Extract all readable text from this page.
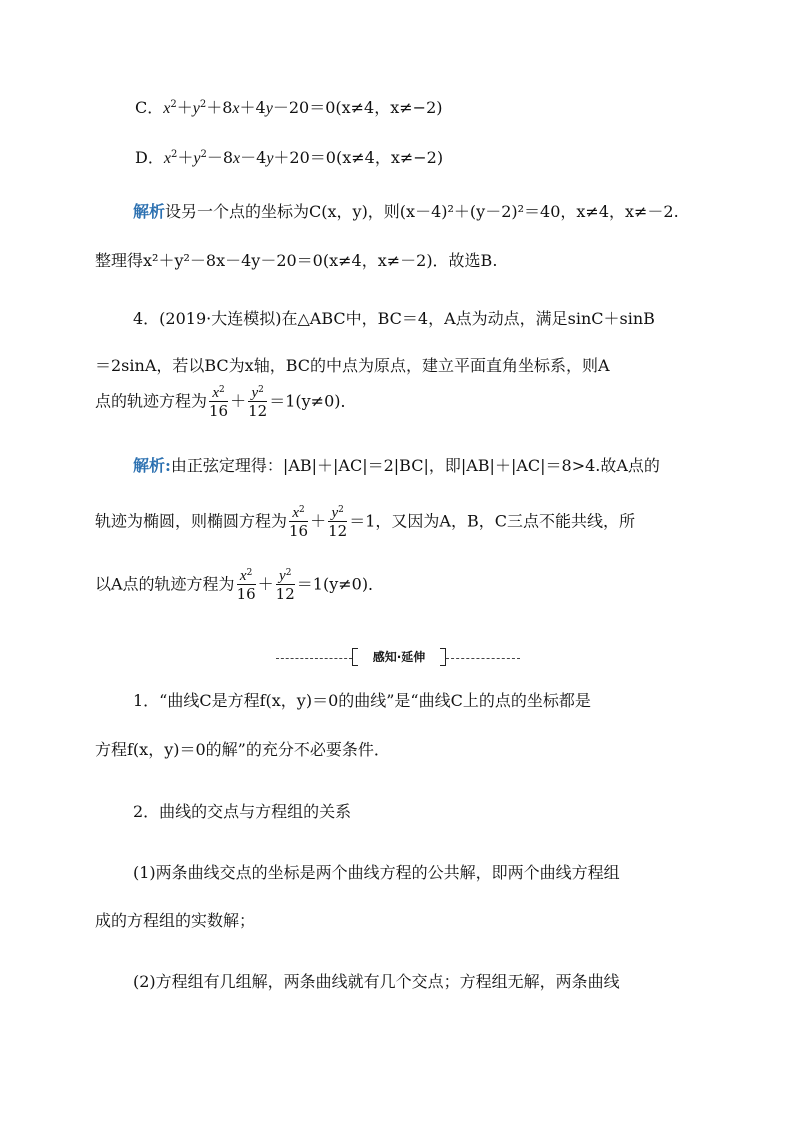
C．$x^2+y^2+8x+4y-20=0(x\ne 4$，x≠−2)
D．$x^2+y^2-8x-4y+20=0(x\ne 4$，x≠−2)
解析设另一个点的坐标为C(x，y)，则(x－4)²＋(y－2)²＝40，x≠4，x≠－2.
整理得x²＋y²－8x－4y－20＝0(x≠4，x≠－2)．故选B.
4．(2019·大连模拟)在△ABC中，BC＝4，A点为动点，满足sinC＋sinB
＝2sinA，若以BC为x轴，BC的中点为原点，建立平面直角坐标系，则A
点的轨迹方程为 $\frac{x^2}{16} + \frac{y^2}{12} =1(y\ne 0)$．
解析:由正弦定理得：|AB|＋|AC|＝2|BC|，即|AB|＋|AC|＝8>4.故A点的
轨迹为椭圆，则椭圆方程为 $\frac{x^2}{16} + \frac{y^2}{12} =1$，又因为A，B，C三点不能共线，所
以A点的轨迹方程为 $\frac{x^2}{16} + \frac{y^2}{12} =1(y\ne 0)$．
感知·延伸
1．“曲线C是方程f(x，y)＝0的曲线”是“曲线C上的点的坐标都是
方程f(x，y)＝0的解”的充分不必要条件．
2．曲线的交点与方程组的关系
(1)两条曲线交点的坐标是两个曲线方程的公共解，即两个曲线方程组
成的方程组的实数解；
(2)方程组有几组解，两条曲线就有几个交点；方程组无解，两条曲线
